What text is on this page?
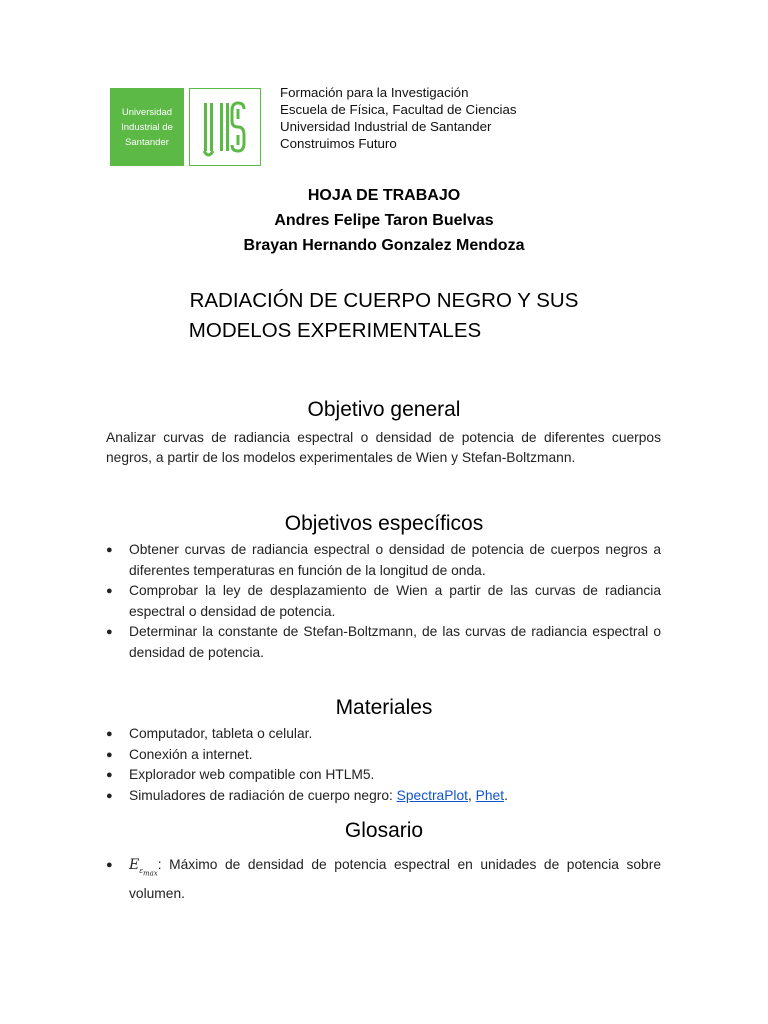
Universidad
Industrial de
Santander
Formación para la Investigación
Escuela de Física, Facultad de Ciencias
Universidad Industrial de Santander
Construimos Futuro
HOJA DE TRABAJO
Andres Felipe Taron Buelvas
Brayan Hernando Gonzalez Mendoza
RADIACIÓN DE CUERPO NEGRO Y SUS
MODELOS EXPERIMENTALES
Objetivo general

Analizar curvas de radiancia espectral o densidad de potencia de diferentes cuerpos negros, a partir de los modelos experimentales de Wien y Stefan-Boltzmann.

Objetivos específicos
● Obtener curvas de radiancia espectral o densidad de potencia de cuerpos negros a diferentes temperaturas en función de la longitud de onda.
● Comprobar la ley de desplazamiento de Wien a partir de las curvas de radiancia espectral o densidad de potencia.
● Determinar la constante de Stefan-Boltzmann, de las curvas de radiancia espectral o densidad de potencia.
Materiales
● Computador, tableta o celular.
● Conexión a internet.
● Explorador web compatible con HTLM5.
● Simuladores de radiación de cuerpo negro: SpectraPlot, Phet.
Glosario
● $E_{\varepsilon_{max}}$: Máximo de densidad de potencia espectral en unidades de potencia sobre volumen.
